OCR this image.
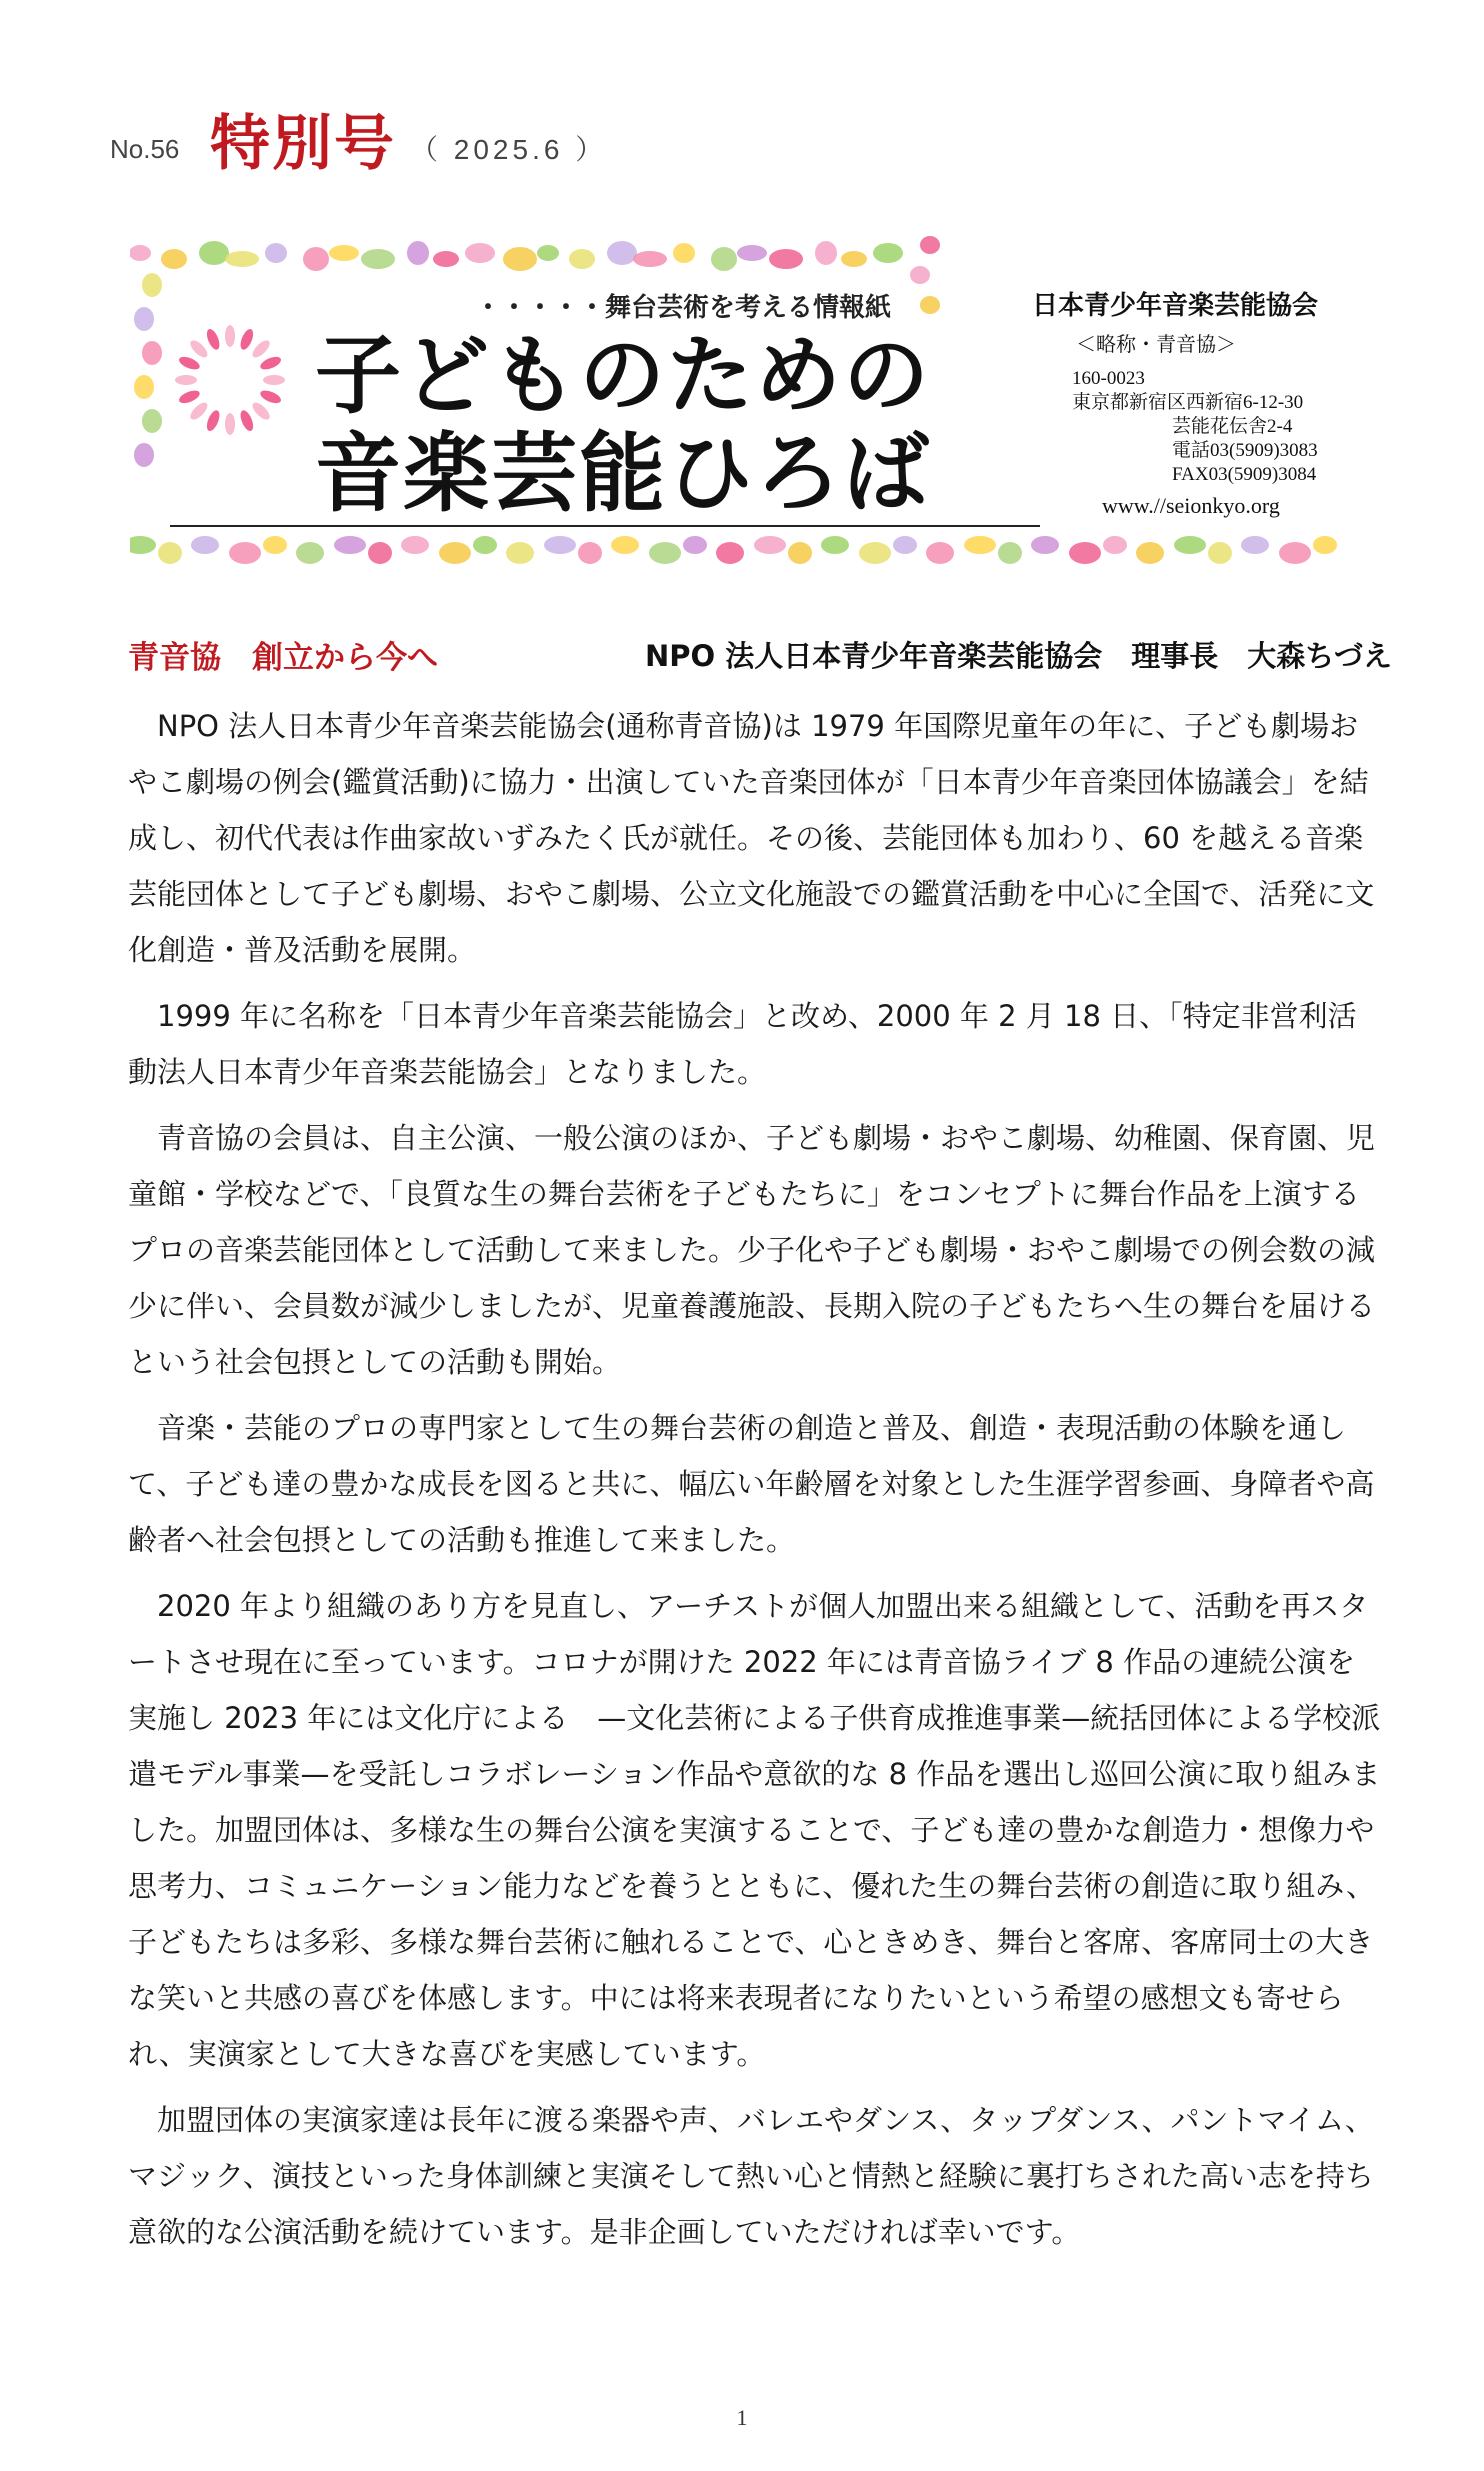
No.56 特別号 （ 2025.6 ）
・・・・・舞台芸術を考える情報紙
子どものための
音楽芸能ひろば
日本青少年音楽芸能協会
＜略称・青音協＞
160-0023
東京都新宿区西新宿6-12-30
芸能花伝舎2-4
電話03(5909)3083
FAX03(5909)3084
www.//seionkyo.org
青音協　創立から今へ	NPO 法人日本青少年音楽芸能協会　理事長　大森ちづえ

NPO 法人日本青少年音楽芸能協会(通称青音協)は 1979 年国際児童年の年に、子ども劇場おやこ劇場の例会(鑑賞活動)に協力・出演していた音楽団体が「日本青少年音楽団体協議会」を結成し、初代代表は作曲家故いずみたく氏が就任。その後、芸能団体も加わり、60 を越える音楽芸能団体として子ども劇場、おやこ劇場、公立文化施設での鑑賞活動を中心に全国で、活発に文化創造・普及活動を展開。

1999 年に名称を「日本青少年音楽芸能協会」と改め、2000 年 2 月 18 日、「特定非営利活動法人日本青少年音楽芸能協会」となりました。

青音協の会員は、自主公演、一般公演のほか、子ども劇場・おやこ劇場、幼稚園、保育園、児童館・学校などで、「良質な生の舞台芸術を子どもたちに」をコンセプトに舞台作品を上演するプロの音楽芸能団体として活動して来ました。少子化や子ども劇場・おやこ劇場での例会数の減少に伴い、会員数が減少しましたが、児童養護施設、長期入院の子どもたちへ生の舞台を届けるという社会包摂としての活動も開始。

音楽・芸能のプロの専門家として生の舞台芸術の創造と普及、創造・表現活動の体験を通して、子ども達の豊かな成長を図ると共に、幅広い年齢層を対象とした生涯学習参画、身障者や高齢者へ社会包摂としての活動も推進して来ました。

2020 年より組織のあり方を見直し、アーチストが個人加盟出来る組織として、活動を再スタートさせ現在に至っています。コロナが開けた 2022 年には青音協ライブ 8 作品の連続公演を実施し 2023 年には文化庁による　—文化芸術による子供育成推進事業—統括団体による学校派遣モデル事業—を受託しコラボレーション作品や意欲的な 8 作品を選出し巡回公演に取り組みました。加盟団体は、多様な生の舞台公演を実演することで、子ども達の豊かな創造力・想像力や思考力、コミュニケーション能力などを養うとともに、優れた生の舞台芸術の創造に取り組み、子どもたちは多彩、多様な舞台芸術に触れることで、心ときめき、舞台と客席、客席同士の大きな笑いと共感の喜びを体感します。中には将来表現者になりたいという希望の感想文も寄せられ、実演家として大きな喜びを実感しています。

加盟団体の実演家達は長年に渡る楽器や声、バレエやダンス、タップダンス、パントマイム、マジック、演技といった身体訓練と実演そして熱い心と情熱と経験に裏打ちされた高い志を持ち意欲的な公演活動を続けています。是非企画していただければ幸いです。

1
